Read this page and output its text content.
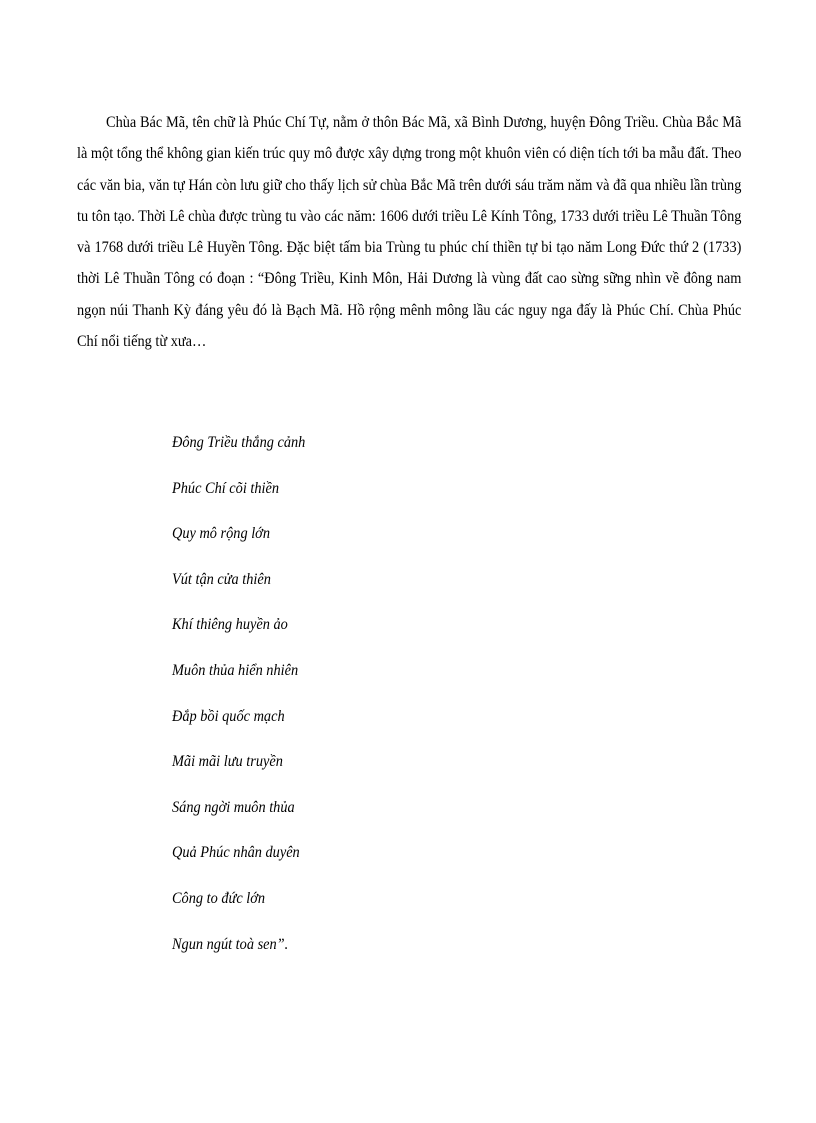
Chùa Bác Mã, tên chữ là Phúc Chí Tự, nằm ở thôn Bác Mã, xã Bình Dương, huyện Đông Triều. Chùa Bắc Mã là một tổng thể không gian kiến trúc quy mô được xây dựng trong một khuôn viên có diện tích tới ba mẫu đất. Theo các văn bia, văn tự Hán còn lưu giữ cho thấy lịch sử chùa Bắc Mã trên dưới sáu trăm năm và đã qua nhiều lần trùng tu tôn tạo. Thời Lê chùa được trùng tu vào các năm: 1606 dưới triều Lê Kính Tông, 1733 dưới triều Lê Thuần Tông và 1768 dưới triều Lê Huyền Tông. Đặc biệt tấm bia Trùng tu phúc chí thiền tự bi tạo năm Long Đức thứ 2 (1733) thời Lê Thuần Tông có đoạn : “Đông Triều, Kinh Môn, Hải Dương là vùng đất cao sừng sững nhìn về đông nam ngọn núi Thanh Kỳ đáng yêu đó là Bạch Mã. Hồ rộng mênh mông lầu các nguy nga đấy là Phúc Chí. Chùa Phúc Chí nổi tiếng từ xưa…

Đông Triều thắng cảnh
Phúc Chí cõi thiền
Quy mô rộng lớn
Vút tận cửa thiên
Khí thiêng huyền ảo
Muôn thủa hiển nhiên
Đắp bồi quốc mạch
Mãi mãi lưu truyền
Sáng ngời muôn thủa
Quả Phúc nhân duyên
Công to đức lớn
Ngun ngút toà sen”.
